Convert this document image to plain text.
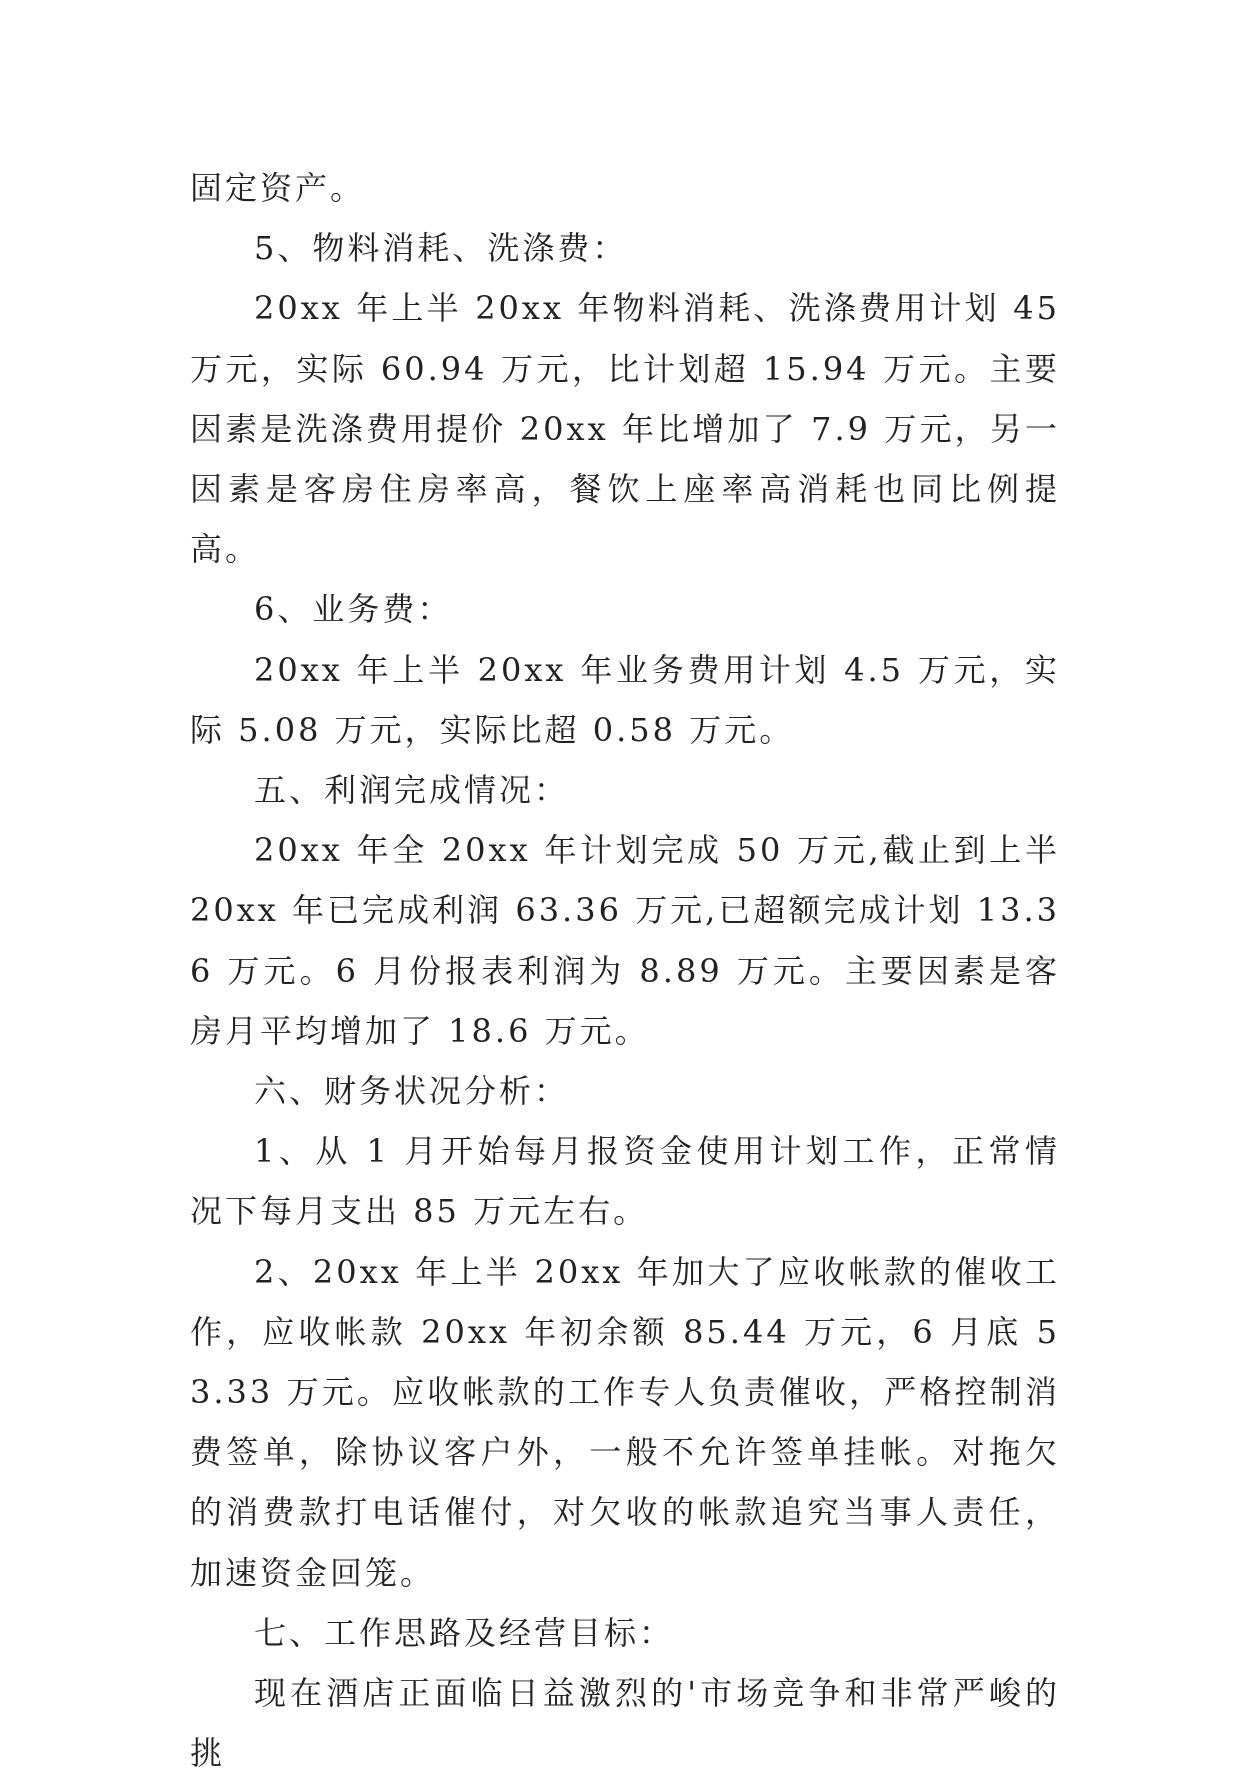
固定资产。

5、物料消耗、洗涤费：

20xx 年上半 20xx 年物料消耗、洗涤费用计划 45 万元，实际 60.94 万元，比计划超 15.94 万元。主要因素是洗涤费用提价 20xx 年比增加了 7.9 万元，另一因素是客房住房率高，餐饮上座率高消耗也同比例提高。

6、业务费：

20xx 年上半 20xx 年业务费用计划 4.5 万元，实际 5.08 万元，实际比超 0.58 万元。

五、利润完成情况：

20xx 年全 20xx 年计划完成 50 万元,截止到上半 20xx 年已完成利润 63.36 万元,已超额完成计划 13.36 万元。6 月份报表利润为 8.89 万元。主要因素是客房月平均增加了 18.6 万元。

六、财务状况分析：

1、从 1 月开始每月报资金使用计划工作，正常情况下每月支出 85 万元左右。

2、20xx 年上半 20xx 年加大了应收帐款的催收工作，应收帐款 20xx 年初余额 85.44 万元，6 月底 53.33 万元。应收帐款的工作专人负责催收，严格控制消费签单，除协议客户外，一般不允许签单挂帐。对拖欠的消费款打电话催付，对欠收的帐款追究当事人责任，加速资金回笼。

七、工作思路及经营目标：

现在酒店正面临日益激烈的'市场竞争和非常严峻的挑
